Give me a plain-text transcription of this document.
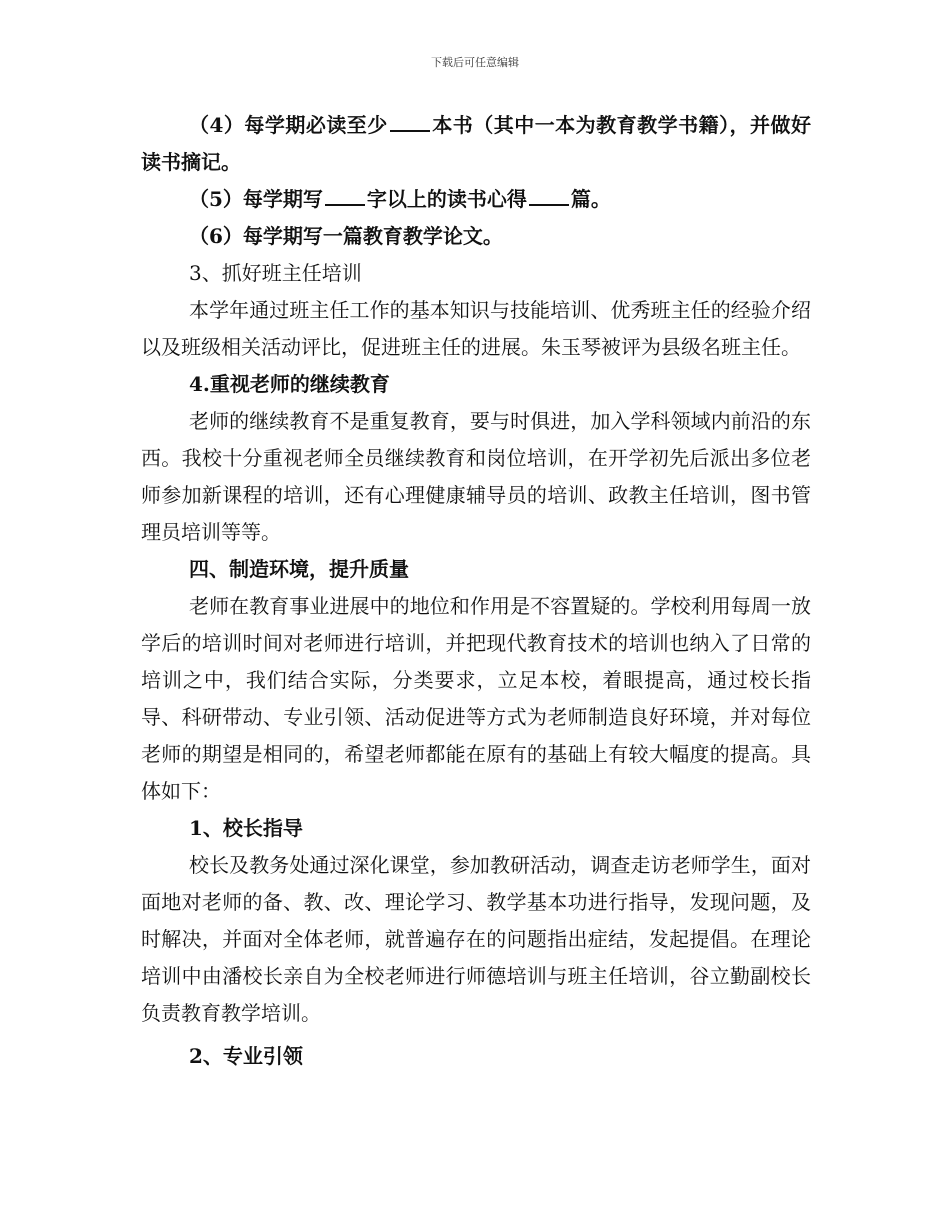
下载后可任意编辑

（4）每学期必读至少 本书（其中一本为教育教学书籍），并做好读书摘记。

（5）每学期写 字以上的读书心得 篇。

（6）每学期写一篇教育教学论文。

3、抓好班主任培训

本学年通过班主任工作的基本知识与技能培训、优秀班主任的经验介绍以及班级相关活动评比，促进班主任的进展。朱玉琴被评为县级名班主任。

4.重视老师的继续教育

老师的继续教育不是重复教育，要与时俱进，加入学科领域内前沿的东西。我校十分重视老师全员继续教育和岗位培训，在开学初先后派出多位老师参加新课程的培训，还有心理健康辅导员的培训、政教主任培训，图书管理员培训等等。

四、制造环境，提升质量

老师在教育事业进展中的地位和作用是不容置疑的。学校利用每周一放学后的培训时间对老师进行培训，并把现代教育技术的培训也纳入了日常的培训之中，我们结合实际，分类要求，立足本校，着眼提高，通过校长指导、科研带动、专业引领、活动促进等方式为老师制造良好环境，并对每位老师的期望是相同的，希望老师都能在原有的基础上有较大幅度的提高。具体如下：

1、校长指导

校长及教务处通过深化课堂，参加教研活动，调查走访老师学生，面对面地对老师的备、教、改、理论学习、教学基本功进行指导，发现问题，及时解决，并面对全体老师，就普遍存在的问题指出症结，发起提倡。在理论培训中由潘校长亲自为全校老师进行师德培训与班主任培训，谷立勤副校长负责教育教学培训。

2、专业引领
